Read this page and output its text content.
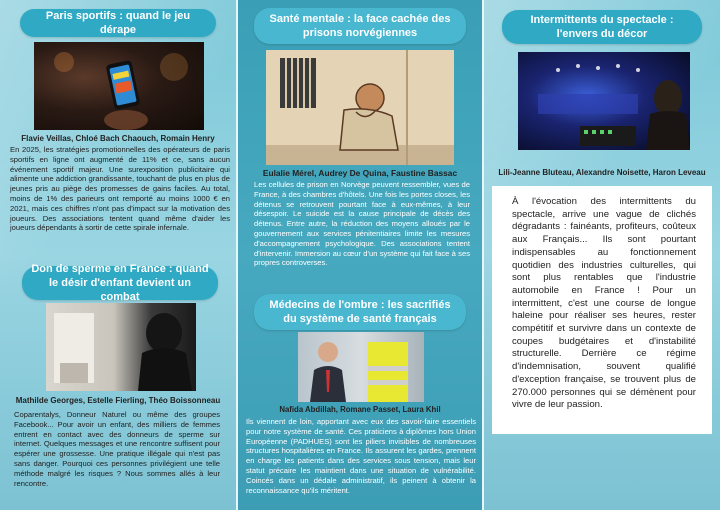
Paris sportifs : quand le jeu dérape
Flavie Veillas, Chloé Bach Chaouch, Romain Henry
En 2025, les stratégies promotionnelles des opérateurs de paris sportifs en ligne ont augmenté de 11% et ce, sans aucun événement sportif majeur. Une surexposition publicitaire qui alimente une addiction grandissante, touchant de plus en plus de jeunes pris au piège des promesses de gains faciles. Au total, moins de 1% des parieurs ont remporté au moins 1000 € en 2021, mais ces chiffres n'ont pas d'impact sur la motivation des joueurs. Des associations tentent quand même d'aider les joueurs dépendants à sortir de cette spirale infernale.
Don de sperme en France : quand le désir d'enfant devient un combat
Mathilde Georges, Estelle Fierling, Théo Boissonneau
Coparentalys, Donneur Naturel ou même des groupes Facebook... Pour avoir un enfant, des milliers de femmes entrent en contact avec des donneurs de sperme sur internet. Quelques messages et une rencontre suffisent pour espérer une grossesse. Une pratique illégale qui n'est pas sans danger. Pourquoi ces personnes privilégient une telle méthode malgré les risques ? Nous sommes allés à leur rencontre.
Santé mentale : la face cachée des prisons norvégiennes
Eulalie Mérel, Audrey De Quina, Faustine Bassac
Les cellules de prison en Norvège peuvent ressembler, vues de France, à des chambres d'hôtels. Une fois les portes closes, les détenus se retrouvent pourtant face à eux-mêmes, à leur désespoir. Le suicide est la cause principale de décès des détenus. Entre autre, la réduction des moyens alloués par le gouvernement aux services pénitentiaires limite les mesures d'accompagnement psychologique. Des associations tentent d'intervenir. Immersion au cœur d'un système qui fait face à ses propres controverses.
Médecins de l'ombre : les sacrifiés du système de santé français
Nafida Abdillah, Romane Passet, Laura Khil
Ils viennent de loin, apportant avec eux des savoir-faire essentiels pour notre système de santé. Ces praticiens à diplômes hors Union Européenne (PADHUES) sont les piliers invisibles de nombreuses structures hospitalières en France. Ils assurent les gardes, prennent en charge les patients dans des services sous tension, mais leur statut précaire les maintient dans une situation de vulnérabilité. Coincés dans un dédale administratif, ils peinent à obtenir la reconnaissance qu'ils méritent.
Intermittents du spectacle : l'envers du décor
Lili-Jeanne Bluteau, Alexandre Noisette, Haron Leveau
À l'évocation des intermittents du spectacle, arrive une vague de clichés dégradants : fainéants, profiteurs, coûteux aux Français... Ils sont pourtant indispensables au fonctionnement quotidien des industries culturelles, qui sont plus rentables que l'industrie automobile en France ! Pour un intermittent, c'est une course de longue haleine pour réaliser ses heures, rester compétitif et survivre dans un contexte de coupes budgétaires et d'instabilité structurelle. Derrière ce régime d'indemnisation, souvent qualifié d'exception française, se trouvent plus de 270.000 personnes qui se démènent pour vivre de leur passion.
